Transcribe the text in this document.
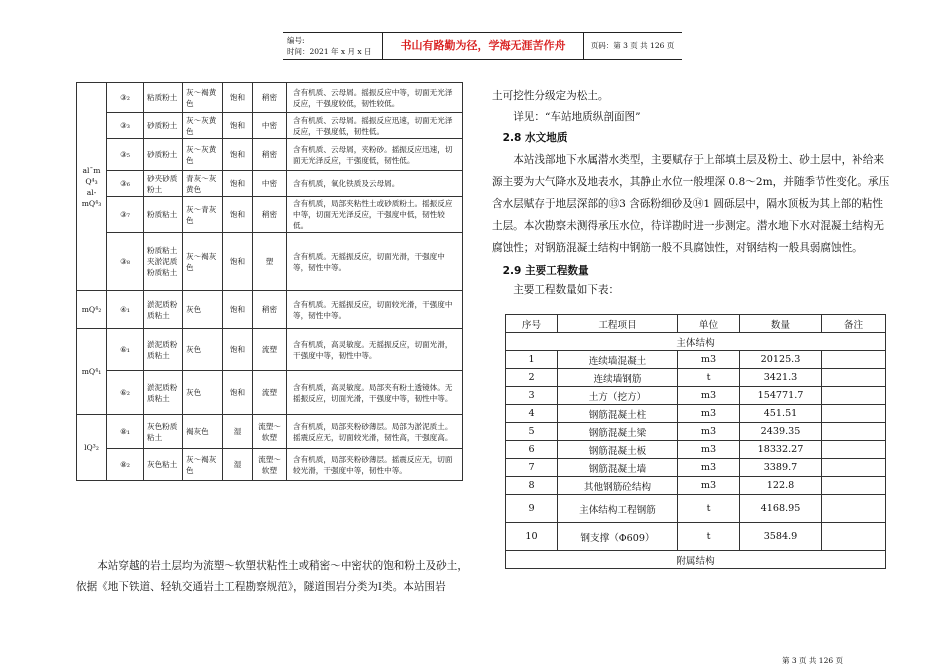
编号:
时间：2021 年 x 月 x 日	书山有路勤为径，学海无涯苦作舟	页码：第 3 页 共 126 页
al¯m Q⁴₃ al- mQ⁴₃	③₂	粘质粉土	灰～褐黄色	饱和	稍密	含有机质、云母屑。摇振反应中等，切面无光泽反应，干强度较低，韧性较低。
	③₃	砂质粉土	灰～灰黄色	饱和	中密	含有机质、云母屑。摇振反应迅速，切面无光泽反应，干强度低，韧性低。
	③₅	砂质粉土	灰～灰黄色	饱和	稍密	含有机质、云母屑，夹粉砂。摇振反应迅速，切面无光泽反应，干强度低，韧性低。
	③₆	砂夹砂质粉土	青灰～灰黄色	饱和	中密	含有机质，氧化铁质及云母屑。
	③₇	粉质粘土	灰～青灰色	饱和	稍密	含有机质，局部夹粘性土或砂质粉土。摇振反应中等，切面无光泽反应，干强度中低，韧性较低。
	③₈	粉质粘土夹淤泥质粉质粘土	灰～褐灰色	饱和	塑	含有机质。无摇振反应，切面光滑，干强度中等，韧性中等。
mQ⁴₂	④₁	淤泥质粉质粘土	灰色	饱和	稍密	含有机质。无摇振反应，切面较光滑，干强度中等，韧性中等。
mQ⁴₁	⑥₁	淤泥质粉质粘土	灰色	饱和	流塑	含有机质，高灵敏度。无摇振反应，切面光滑，干强度中等，韧性中等。
	⑥₂	淤泥质粉质粘土	灰色	饱和	流塑	含有机质，高灵敏度。局部夹有粉土透镜体。无摇振反应，切面光滑，干强度中等，韧性中等。
lQ³₂	⑧₁	灰色粉质粘土	褐灰色	湿	流塑～软塑	含有机质，局部夹粉砂薄层。局部为淤泥质土。摇震反应无，切面较光滑，韧性高，干强度高。
	⑧₂	灰色粘土	灰～褐灰色	湿	流塑～软塑	含有机质，局部夹粉砂薄层。摇震反应无，切面较光滑，干强度中等，韧性中等。

本站穿越的岩土层均为流塑～软塑状粘性土或稍密～中密状的饱和粉土及砂土，依据《地下铁道、轻轨交通岩土工程勘察规范》，隧道围岩分类为Ⅰ类。本站围岩

土可挖性分级定为松土。

详见：“车站地质纵剖面图”

2.8 水文地质

本站浅部地下水属潜水类型，主要赋存于上部填土层及粉土、砂土层中，补给来源主要为大气降水及地表水，其静止水位一般埋深 0.8～2m，并随季节性变化。承压含水层赋存于地层深部的⑬3 含砾粉细砂及⑭1 圆砾层中，隔水顶板为其上部的粘性土层。本次勘察未测得承压水位，待详勘时进一步测定。潜水地下水对混凝土结构无腐蚀性；对钢筋混凝土结构中钢筋一般不具腐蚀性，对钢结构一般具弱腐蚀性。

2.9 主要工程数量

主要工程数量如下表：

序号	工程项目	单位	数量	备注
主体结构				
1	连续墙混凝土	m3	20125.3	
2	连续墙钢筋	t	3421.3	
3	土方（挖方）	m3	154771.7	
4	钢筋混凝土柱	m3	451.51	
5	钢筋混凝土梁	m3	2439.35	
6	钢筋混凝土板	m3	18332.27	
7	钢筋混凝土墙	m3	3389.7	
8	其他钢筋砼结构	m3	122.8	
9	主体结构工程钢筋	t	4168.95	
10	钢支撑（Φ609）	t	3584.9	
附属结构				
第 3 页 共 126 页
